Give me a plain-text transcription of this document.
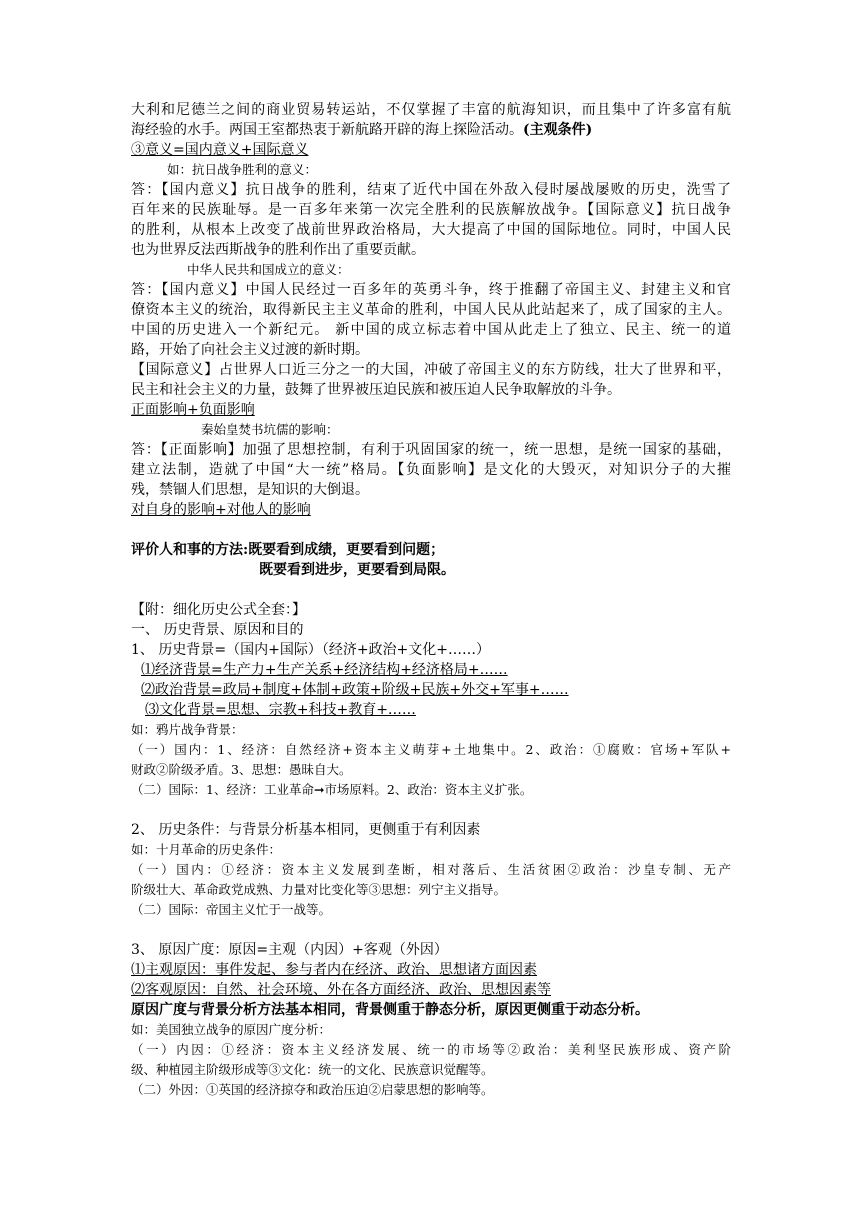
大利和尼德兰之间的商业贸易转运站，不仅掌握了丰富的航海知识，而且集中了许多富有航
海经验的水手。两国王室都热衷于新航路开辟的海上探险活动。(主观条件)
③意义=国内意义+国际意义
如：抗日战争胜利的意义：
答：【国内意义】抗日战争的胜利，结束了近代中国在外敌入侵时屡战屡败的历史，洗雪了
百年来的民族耻辱。是一百多年来第一次完全胜利的民族解放战争。【国际意义】抗日战争
的胜利，从根本上改变了战前世界政治格局，大大提高了中国的国际地位。同时，中国人民
也为世界反法西斯战争的胜利作出了重要贡献。
中华人民共和国成立的意义：
答：【国内意义】中国人民经过一百多年的英勇斗争，终于推翻了帝国主义、封建主义和官
僚资本主义的统治，取得新民主主义革命的胜利，中国人民从此站起来了，成了国家的主人。
中国的历史进入一个新纪元。 新中国的成立标志着中国从此走上了独立、民主、统一的道
路，开始了向社会主义过渡的新时期。
【国际意义】占世界人口近三分之一的大国，冲破了帝国主义的东方防线，壮大了世界和平，
民主和社会主义的力量，鼓舞了世界被压迫民族和被压迫人民争取解放的斗争。
正面影响+负面影响
秦始皇焚书坑儒的影响：
答：【正面影响】加强了思想控制，有利于巩固国家的统一，统一思想，是统一国家的基础，
建立法制，造就了中国“大一统”格局。【负面影响】是文化的大毁灭，对知识分子的大摧
残，禁锢人们思想，是知识的大倒退。
对自身的影响+对他人的影响
评价人和事的方法:既要看到成绩，更要看到问题；
既要看到进步，更要看到局限。
【附：细化历史公式全套：】
一、 历史背景、原因和目的
1、 历史背景=（国内+国际）（经济+政治+文化+……）
⑴经济背景=生产力+生产关系+经济结构+经济格局+……
⑵政治背景=政局+制度+体制+政策+阶级+民族+外交+军事+……
⑶文化背景=思想、宗教+科技+教育+……
如：鸦片战争背景：
（一）国内：1、经济：自然经济+资本主义萌芽+土地集中。2、政治：①腐败：官场+军队+
财政②阶级矛盾。3、思想：愚昧自大。
（二）国际：1、经济：工业革命➞市场原料。2、政治：资本主义扩张。
2、 历史条件：与背景分析基本相同，更侧重于有利因素
如：十月革命的历史条件：
（一）国内：①经济：资本主义发展到垄断，相对落后、生活贫困②政治：沙皇专制、无产
阶级壮大、革命政党成熟、力量对比变化等③思想：列宁主义指导。
（二）国际：帝国主义忙于一战等。
3、 原因广度：原因=主观（内因）+客观（外因）
⑴主观原因：事件发起、参与者内在经济、政治、思想诸方面因素
⑵客观原因：自然、社会环境、外在各方面经济、政治、思想因素等
原因广度与背景分析方法基本相同，背景侧重于静态分析，原因更侧重于动态分析。
如：美国独立战争的原因广度分析：
（一）内因：①经济：资本主义经济发展、统一的市场等②政治：美利坚民族形成、资产阶
级、种植园主阶级形成等③文化：统一的文化、民族意识觉醒等。
（二）外因：①英国的经济掠夺和政治压迫②启蒙思想的影响等。
